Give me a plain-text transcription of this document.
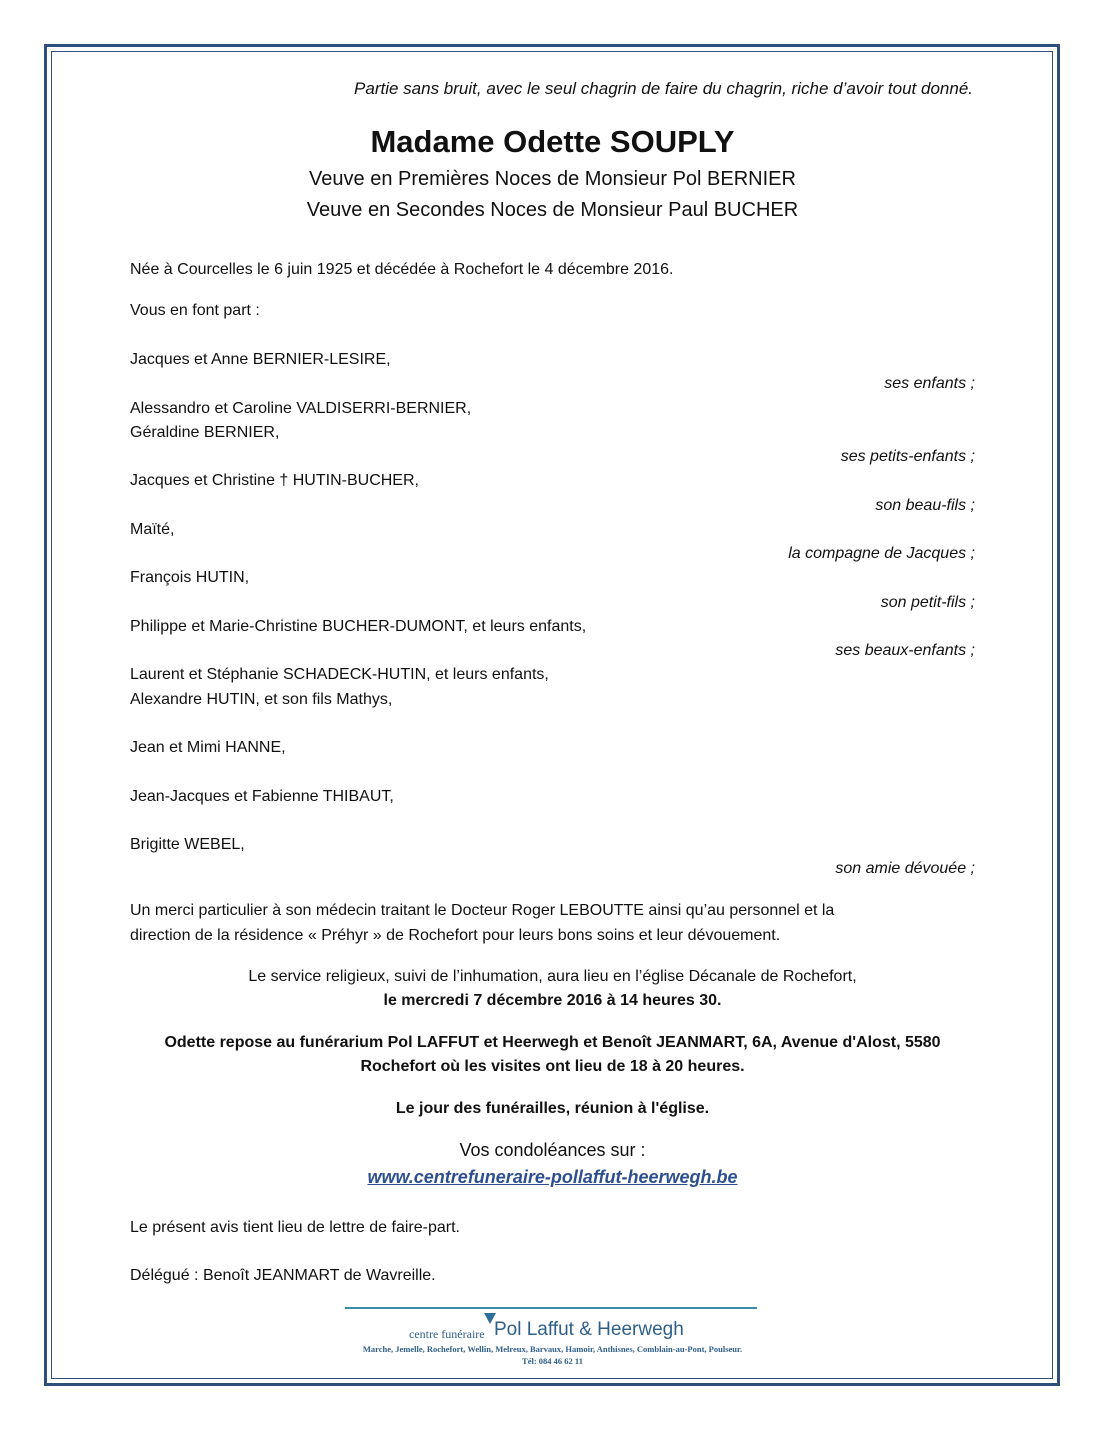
Partie sans bruit, avec le seul chagrin de faire du chagrin, riche d’avoir tout donné.
Madame Odette SOUPLY
Veuve en Premières Noces de Monsieur Pol BERNIER
Veuve en Secondes Noces de Monsieur Paul BUCHER
Née à Courcelles le 6 juin 1925 et décédée à Rochefort le 4 décembre 2016.
Vous en font part :
Jacques et Anne BERNIER-LESIRE,
ses enfants ;
Alessandro et Caroline VALDISERRI-BERNIER,
Géraldine BERNIER,
ses petits-enfants ;
Jacques et Christine † HUTIN-BUCHER,
son beau-fils ;
Maïté,
la compagne de Jacques ;
François HUTIN,
son petit-fils ;
Philippe et Marie-Christine BUCHER-DUMONT, et leurs enfants,
ses beaux-enfants ;
Laurent et Stéphanie SCHADECK-HUTIN, et leurs enfants,
Alexandre HUTIN, et son fils Mathys,
Jean et Mimi HANNE,
Jean-Jacques et Fabienne THIBAUT,
Brigitte WEBEL,
son amie dévouée ;
Un merci particulier à son médecin traitant le Docteur Roger LEBOUTTE ainsi qu’au personnel et la
direction de la résidence « Préhyr » de Rochefort pour leurs bons soins et leur dévouement.
Le service religieux, suivi de l’inhumation, aura lieu en l’église Décanale de Rochefort,
le mercredi 7 décembre 2016 à 14 heures 30.
Odette repose au funérarium Pol LAFFUT et Heerwegh et Benoît JEANMART, 6A, Avenue d'Alost, 5580
Rochefort où les visites ont lieu de 18 à 20 heures.
Le jour des funérailles, réunion à l'église.
Vos condoléances sur :
www.centrefuneraire-pollaffut-heerwegh.be
Le présent avis tient lieu de lettre de faire-part.
Délégué : Benoît JEANMART de Wavreille.
centre funéraire Pol Laffut & Heerwegh
Marche, Jemelle, Rochefort, Wellin, Melreux, Barvaux, Hamoir, Anthisnes, Comblain-au-Pont, Poulseur.
Tél: 084 46 62 11
